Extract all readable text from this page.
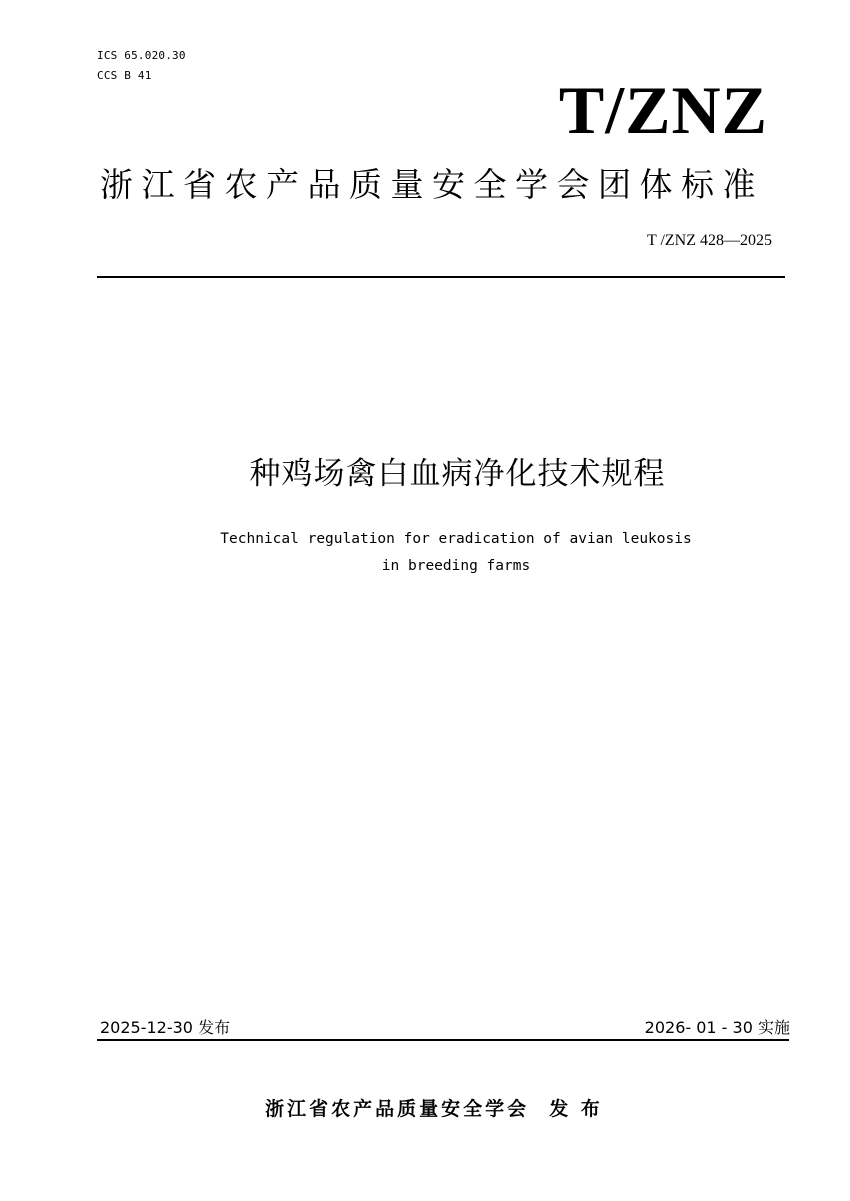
ICS 65.020.30
CCS B 41	T/ZNZ
浙江省农产品质量安全学会团体标准
T /ZNZ 428—2025
种鸡场禽白血病净化技术规程
Technical regulation for eradication of avian leukosis
in breeding farms
2025-12-30 发布	2026- 01 - 30 实施
浙江省农产品质量安全学会 发 布
